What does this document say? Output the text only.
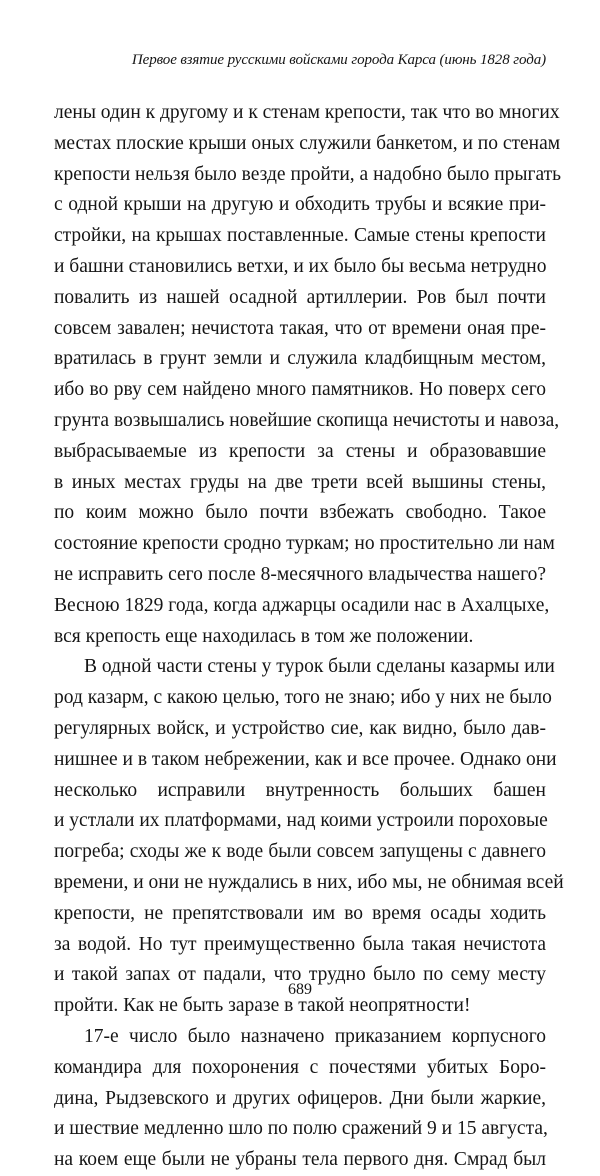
Первое взятие русскими войсками города Карса (июнь 1828 года)
лены один к другому и к стенам крепости, так что во многих
местах плоские крыши оных служили банкетом, и по стенам
крепости нельзя было везде пройти, а надобно было прыгать
с одной крыши на другую и обходить трубы и всякие при-
стройки, на крышах поставленные. Самые стены крепости
и башни становились ветхи, и их было бы весьма нетрудно
повалить из нашей осадной артиллерии. Ров был почти
совсем завален; нечистота такая, что от времени оная пре-
вратилась в грунт земли и служила кладбищным местом,
ибо во рву сем найдено много памятников. Но поверх сего
грунта возвышались новейшие скопища нечистоты и навоза,
выбрасываемые из крепости за стены и образовавшие
в иных местах груды на две трети всей вышины стены,
по коим можно было почти взбежать свободно. Такое
состояние крепости сродно туркам; но простительно ли нам
не исправить сего после 8-месячного владычества нашего?
Весною 1829 года, когда аджарцы осадили нас в Ахалцыхе,
вся крепость еще находилась в том же положении.
В одной части стены у турок были сделаны казармы или
род казарм, с какою целью, того не знаю; ибо у них не было
регулярных войск, и устройство сие, как видно, было дав-
нишнее и в таком небрежении, как и все прочее. Однако они
несколько исправили внутренность больших башен
и устлали их платформами, над коими устроили пороховые
погреба; сходы же к воде были совсем запущены с давнего
времени, и они не нуждались в них, ибо мы, не обнимая всей
крепости, не препятствовали им во время осады ходить
за водой. Но тут преимущественно была такая нечистота
и такой запах от падали, что трудно было по сему месту
пройти. Как не быть заразе в такой неопрятности!
17-е число было назначено приказанием корпусного
командира для похоронения с почестями убитых Боро-
дина, Рыдзевского и других офицеров. Дни были жаркие,
и шествие медленно шло по полю сражений 9 и 15 августа,
на коем еще были не убраны тела первого дня. Смрад был
689
